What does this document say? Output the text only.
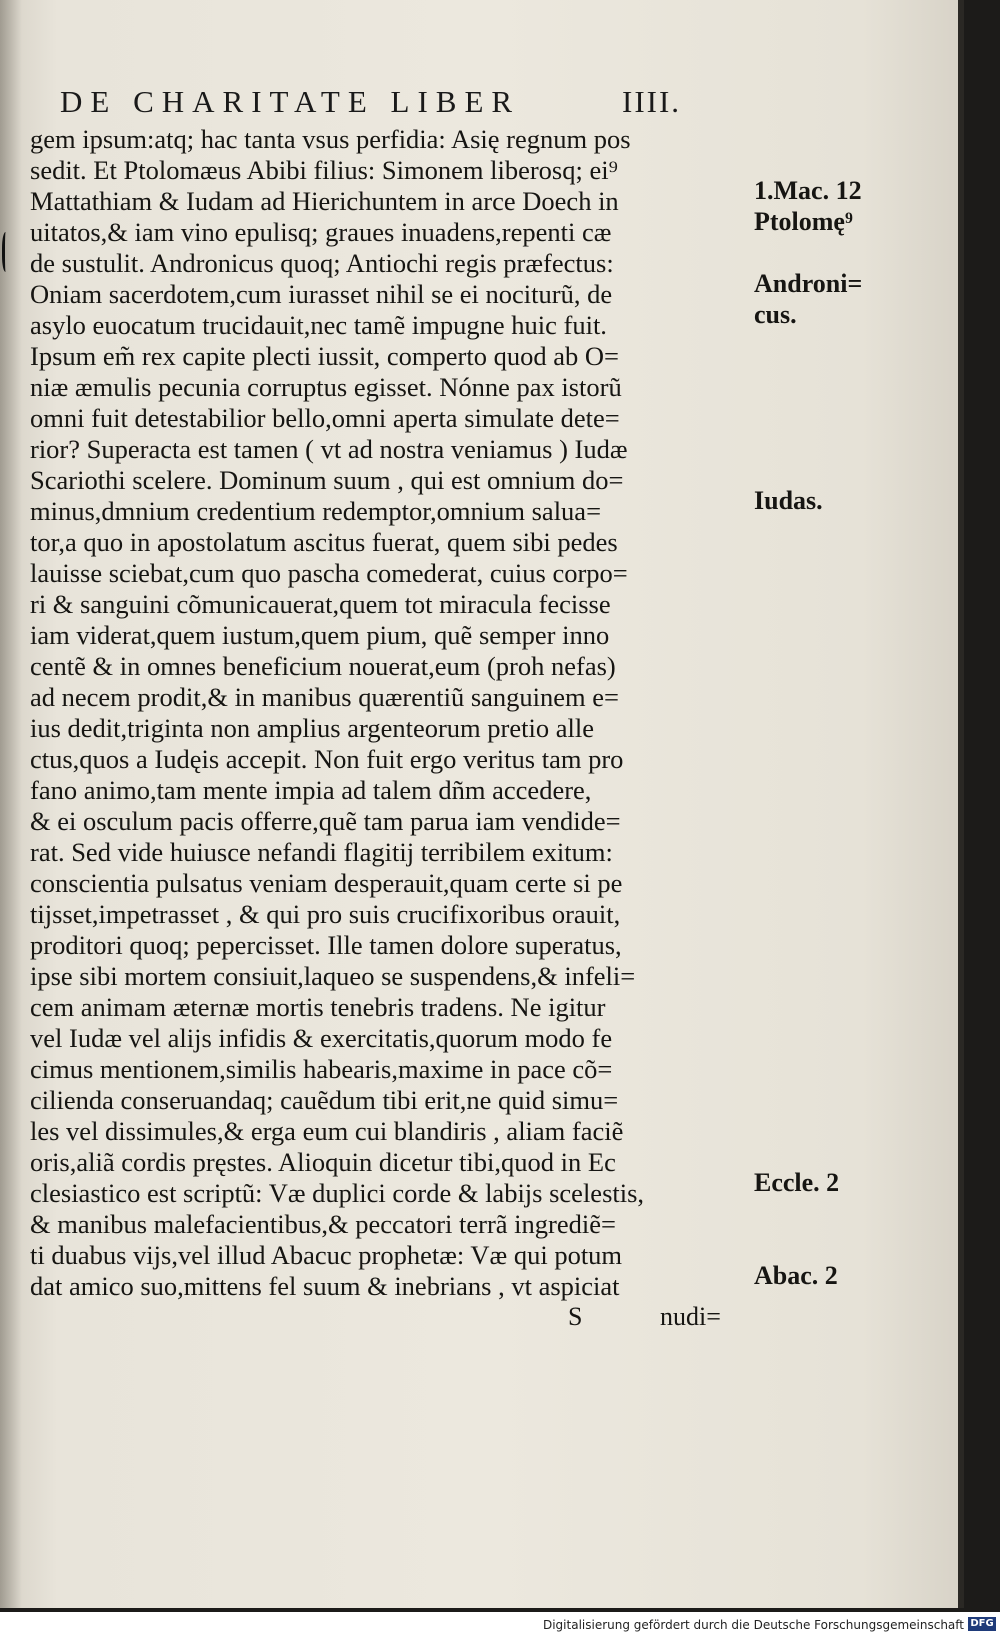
DE CHARITATE LIBER	IIII.
gem ipsum:atq; hac tanta vsus perfidia: Asię regnum pos
sedit. Et Ptolomæus Abibi filius: Simonem liberosq; ei⁹
Mattathiam & Iudam ad Hierichuntem in arce Doech in
uitatos,& iam vino epulisq; graues inuadens,repenti cæ
de sustulit. Andronicus quoq; Antiochi regis præfectus:
Oniam sacerdotem,cum iurasset nihil se ei nociturũ, de
asylo euocatum trucidauit,nec tamẽ impugne huic fuit.
Ipsum em̃ rex capite plecti iussit, comperto quod ab O=
niæ æmulis pecunia corruptus egisset. Nónne pax istorũ
omni fuit detestabilior bello,omni aperta simulate dete=
rior? Superacta est tamen ( vt ad nostra veniamus ) Iudæ
Scariothi scelere. Dominum suum , qui est omnium do=
minus,dmnium credentium redemptor,omnium salua=
tor,a quo in apostolatum ascitus fuerat, quem sibi pedes
lauisse sciebat,cum quo pascha comederat, cuius corpo=
ri & sanguini cõmunicauerat,quem tot miracula fecisse
iam viderat,quem iustum,quem pium, quẽ semper inno
centẽ & in omnes beneficium nouerat,eum (proh nefas)
ad necem prodit,& in manibus quærentiũ sanguinem e=
ius dedit,triginta non amplius argenteorum pretio alle
ctus,quos a Iudęis accepit. Non fuit ergo veritus tam pro
fano animo,tam mente impia ad talem dñm accedere,
& ei osculum pacis offerre,quẽ tam parua iam vendide=
rat. Sed vide huiusce nefandi flagitij terribilem exitum:
conscientia pulsatus veniam desperauit,quam certe si pe
tijsset,impetrasset , & qui pro suis crucifixoribus orauit,
proditori quoq; pepercisset. Ille tamen dolore superatus,
ipse sibi mortem consiuit,laqueo se suspendens,& infeli=
cem animam æternæ mortis tenebris tradens. Ne igitur
vel Iudæ vel alijs infidis & exercitatis,quorum modo fe
cimus mentionem,similis habearis,maxime in pace cõ=
cilienda conseruandaq; cauẽdum tibi erit,ne quid simu=
les vel dissimules,& erga eum cui blandiris , aliam faciẽ
oris,aliã cordis pręstes. Alioquin dicetur tibi,quod in Ec
clesiastico est scriptũ: Væ duplici corde & labijs scelestis,
& manibus malefacientibus,& peccatori terrã ingrediẽ=
ti duabus vijs,vel illud Abacuc prophetæ: Væ qui potum
dat amico suo,mittens fel suum & inebrians , vt aspiciat
1.Mac. 12
Ptolomę⁹
Androni=
cus.
Iudas.
Eccle. 2
Abac. 2
S	nudi=
Digitalisierung gefördert durch die Deutsche Forschungsgemeinschaft DFG
